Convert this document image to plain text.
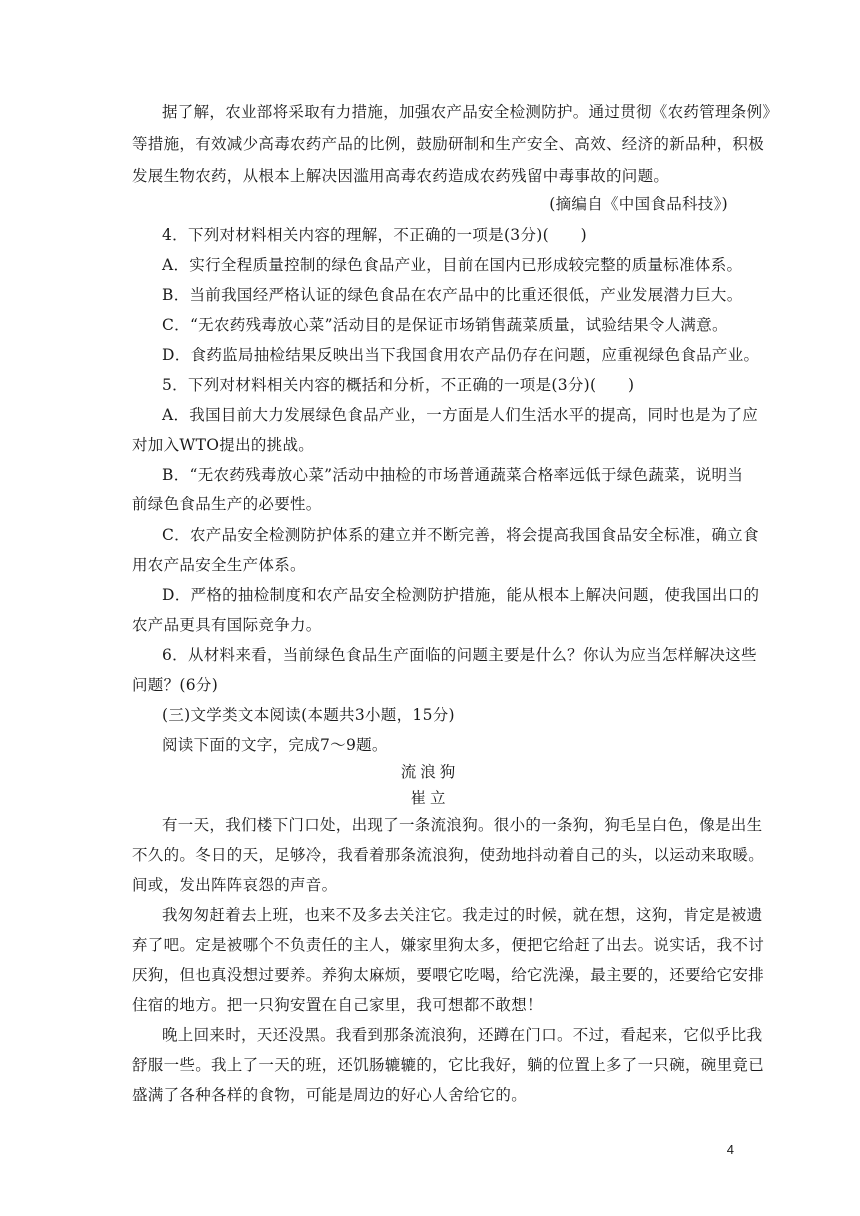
据了解，农业部将采取有力措施，加强农产品安全检测防护。通过贯彻《农药管理条例》
等措施，有效减少高毒农药产品的比例，鼓励研制和生产安全、高效、经济的新品种，积极
发展生物农药，从根本上解决因滥用高毒农药造成农药残留中毒事故的问题。
(摘编自《中国食品科技》)
4．下列对材料相关内容的理解，不正确的一项是(3分)(　　)
A．实行全程质量控制的绿色食品产业，目前在国内已形成较完整的质量标准体系。
B．当前我国经严格认证的绿色食品在农产品中的比重还很低，产业发展潜力巨大。
C．“无农药残毒放心菜”活动目的是保证市场销售蔬菜质量，试验结果令人满意。
D．食药监局抽检结果反映出当下我国食用农产品仍存在问题，应重视绿色食品产业。
5．下列对材料相关内容的概括和分析，不正确的一项是(3分)(　　)
A．我国目前大力发展绿色食品产业，一方面是人们生活水平的提高，同时也是为了应
对加入WTO提出的挑战。
B．“无农药残毒放心菜”活动中抽检的市场普通蔬菜合格率远低于绿色蔬菜，说明当
前绿色食品生产的必要性。
C．农产品安全检测防护体系的建立并不断完善，将会提高我国食品安全标准，确立食
用农产品安全生产体系。
D．严格的抽检制度和农产品安全检测防护措施，能从根本上解决问题，使我国出口的
农产品更具有国际竞争力。
6．从材料来看，当前绿色食品生产面临的问题主要是什么？你认为应当怎样解决这些
问题？(6分)
(三)文学类文本阅读(本题共3小题，15分)
阅读下面的文字，完成7～9题。
流浪狗
崔立
有一天，我们楼下门口处，出现了一条流浪狗。很小的一条狗，狗毛呈白色，像是出生
不久的。冬日的天，足够冷，我看着那条流浪狗，使劲地抖动着自己的头，以运动来取暖。
间或，发出阵阵哀怨的声音。
我匆匆赶着去上班，也来不及多去关注它。我走过的时候，就在想，这狗，肯定是被遗
弃了吧。定是被哪个不负责任的主人，嫌家里狗太多，便把它给赶了出去。说实话，我不讨
厌狗，但也真没想过要养。养狗太麻烦，要喂它吃喝，给它洗澡，最主要的，还要给它安排
住宿的地方。把一只狗安置在自己家里，我可想都不敢想！
晚上回来时，天还没黑。我看到那条流浪狗，还蹲在门口。不过，看起来，它似乎比我
舒服一些。我上了一天的班，还饥肠辘辘的，它比我好，躺的位置上多了一只碗，碗里竟已
盛满了各种各样的食物，可能是周边的好心人舍给它的。
4
